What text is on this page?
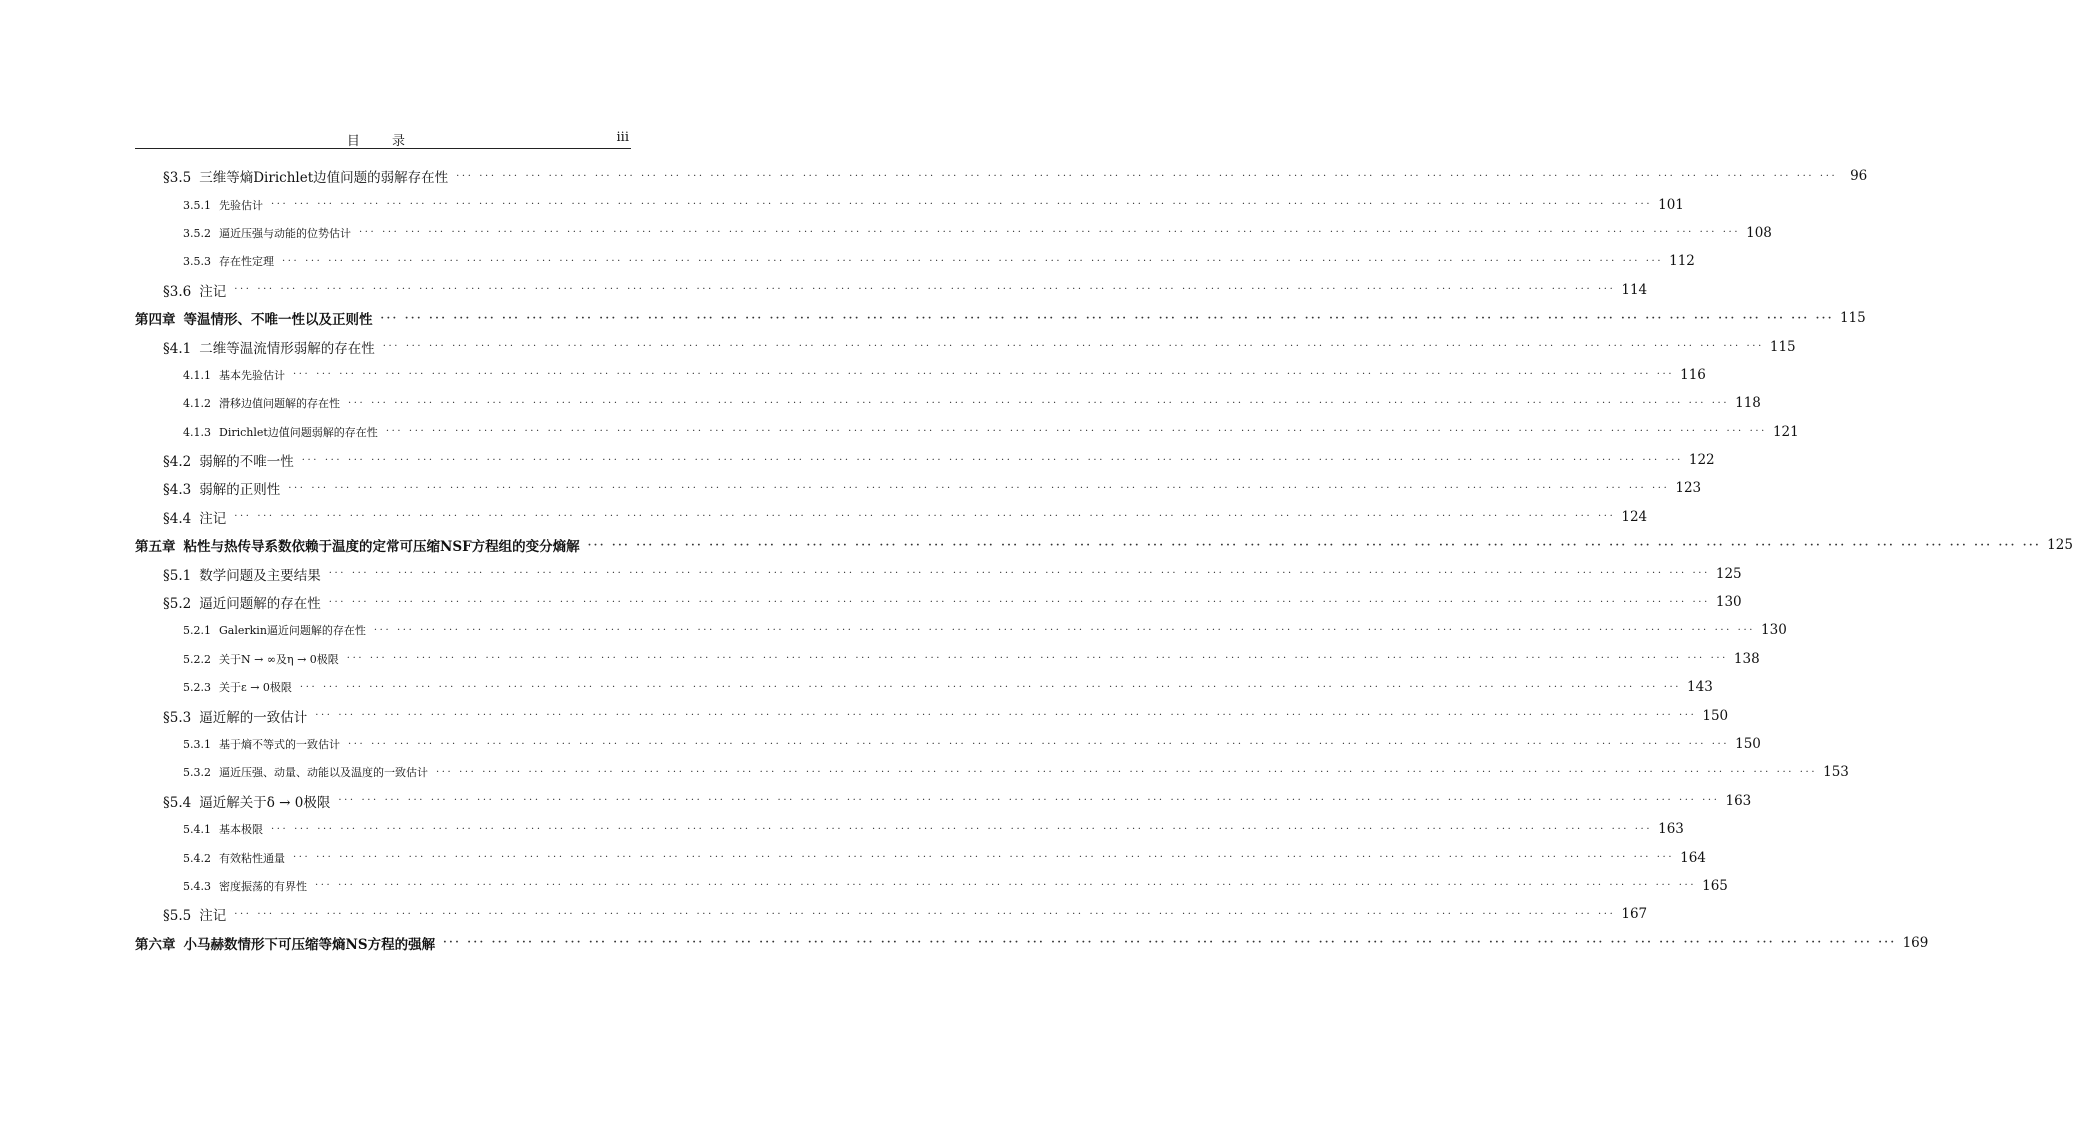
目 录	iii
§3.5 三维等熵Dirichlet边值问题的弱解存在性 ··· ··· ··· ··· ··· ··· ··· ··· ··· ··· ··· ··· ··· ··· ··· ··· ··· ··· ··· ··· ··· ··· ··· ··· ··· ··· ··· ··· ··· ··· ··· ··· ··· ··· ··· ··· ··· ··· ··· ··· ··· ··· ··· ··· ··· ··· ··· ··· ··· ··· ··· ··· ··· ··· ··· ··· ··· ··· ··· ··· 96
3.5.1 先验估计 ··· ··· ··· ··· ··· ··· ··· ··· ··· ··· ··· ··· ··· ··· ··· ··· ··· ··· ··· ··· ··· ··· ··· ··· ··· ··· ··· ··· ··· ··· ··· ··· ··· ··· ··· ··· ··· ··· ··· ··· ··· ··· ··· ··· ··· ··· ··· ··· ··· ··· ··· ··· ··· ··· ··· ··· ··· ··· ··· ··· 101
3.5.2 逼近压强与动能的位势估计 ··· ··· ··· ··· ··· ··· ··· ··· ··· ··· ··· ··· ··· ··· ··· ··· ··· ··· ··· ··· ··· ··· ··· ··· ··· ··· ··· ··· ··· ··· ··· ··· ··· ··· ··· ··· ··· ··· ··· ··· ··· ··· ··· ··· ··· ··· ··· ··· ··· ··· ··· ··· ··· ··· ··· ··· ··· ··· ··· ··· 108
3.5.3 存在性定理 ··· ··· ··· ··· ··· ··· ··· ··· ··· ··· ··· ··· ··· ··· ··· ··· ··· ··· ··· ··· ··· ··· ··· ··· ··· ··· ··· ··· ··· ··· ··· ··· ··· ··· ··· ··· ··· ··· ··· ··· ··· ··· ··· ··· ··· ··· ··· ··· ··· ··· ··· ··· ··· ··· ··· ··· ··· ··· ··· ··· 112
§3.6 注记 ··· ··· ··· ··· ··· ··· ··· ··· ··· ··· ··· ··· ··· ··· ··· ··· ··· ··· ··· ··· ··· ··· ··· ··· ··· ··· ··· ··· ··· ··· ··· ··· ··· ··· ··· ··· ··· ··· ··· ··· ··· ··· ··· ··· ··· ··· ··· ··· ··· ··· ··· ··· ··· ··· ··· ··· ··· ··· ··· ··· 114
第四章 等温情形、不唯一性以及正则性 ··· ··· ··· ··· ··· ··· ··· ··· ··· ··· ··· ··· ··· ··· ··· ··· ··· ··· ··· ··· ··· ··· ··· ··· ··· ··· ··· ··· ··· ··· ··· ··· ··· ··· ··· ··· ··· ··· ··· ··· ··· ··· ··· ··· ··· ··· ··· ··· ··· ··· ··· ··· ··· ··· ··· ··· ··· ··· ··· ··· 115
§4.1 二维等温流情形弱解的存在性 ··· ··· ··· ··· ··· ··· ··· ··· ··· ··· ··· ··· ··· ··· ··· ··· ··· ··· ··· ··· ··· ··· ··· ··· ··· ··· ··· ··· ··· ··· ··· ··· ··· ··· ··· ··· ··· ··· ··· ··· ··· ··· ··· ··· ··· ··· ··· ··· ··· ··· ··· ··· ··· ··· ··· ··· ··· ··· ··· ··· 115
4.1.1 基本先验估计 ··· ··· ··· ··· ··· ··· ··· ··· ··· ··· ··· ··· ··· ··· ··· ··· ··· ··· ··· ··· ··· ··· ··· ··· ··· ··· ··· ··· ··· ··· ··· ··· ··· ··· ··· ··· ··· ··· ··· ··· ··· ··· ··· ··· ··· ··· ··· ··· ··· ··· ··· ··· ··· ··· ··· ··· ··· ··· ··· ··· 116
4.1.2 滑移边值问题解的存在性 ··· ··· ··· ··· ··· ··· ··· ··· ··· ··· ··· ··· ··· ··· ··· ··· ··· ··· ··· ··· ··· ··· ··· ··· ··· ··· ··· ··· ··· ··· ··· ··· ··· ··· ··· ··· ··· ··· ··· ··· ··· ··· ··· ··· ··· ··· ··· ··· ··· ··· ··· ··· ··· ··· ··· ··· ··· ··· ··· ··· 118
4.1.3 Dirichlet边值问题弱解的存在性 ··· ··· ··· ··· ··· ··· ··· ··· ··· ··· ··· ··· ··· ··· ··· ··· ··· ··· ··· ··· ··· ··· ··· ··· ··· ··· ··· ··· ··· ··· ··· ··· ··· ··· ··· ··· ··· ··· ··· ··· ··· ··· ··· ··· ··· ··· ··· ··· ··· ··· ··· ··· ··· ··· ··· ··· ··· ··· ··· ··· 121
§4.2 弱解的不唯一性 ··· ··· ··· ··· ··· ··· ··· ··· ··· ··· ··· ··· ··· ··· ··· ··· ··· ··· ··· ··· ··· ··· ··· ··· ··· ··· ··· ··· ··· ··· ··· ··· ··· ··· ··· ··· ··· ··· ··· ··· ··· ··· ··· ··· ··· ··· ··· ··· ··· ··· ··· ··· ··· ··· ··· ··· ··· ··· ··· ··· 122
§4.3 弱解的正则性 ··· ··· ··· ··· ··· ··· ··· ··· ··· ··· ··· ··· ··· ··· ··· ··· ··· ··· ··· ··· ··· ··· ··· ··· ··· ··· ··· ··· ··· ··· ··· ··· ··· ··· ··· ··· ··· ··· ··· ··· ··· ··· ··· ··· ··· ··· ··· ··· ··· ··· ··· ··· ··· ··· ··· ··· ··· ··· ··· ··· 123
§4.4 注记 ··· ··· ··· ··· ··· ··· ··· ··· ··· ··· ··· ··· ··· ··· ··· ··· ··· ··· ··· ··· ··· ··· ··· ··· ··· ··· ··· ··· ··· ··· ··· ··· ··· ··· ··· ··· ··· ··· ··· ··· ··· ··· ··· ··· ··· ··· ··· ··· ··· ··· ··· ··· ··· ··· ··· ··· ··· ··· ··· ··· 124
第五章 粘性与热传导系数依赖于温度的定常可压缩NSF方程组的变分熵解 ··· ··· ··· ··· ··· ··· ··· ··· ··· ··· ··· ··· ··· ··· ··· ··· ··· ··· ··· ··· ··· ··· ··· ··· ··· ··· ··· ··· ··· ··· ··· ··· ··· ··· ··· ··· ··· ··· ··· ··· ··· ··· ··· ··· ··· ··· ··· ··· ··· ··· ··· ··· ··· ··· ··· ··· ··· ··· ··· ··· 125
§5.1 数学问题及主要结果 ··· ··· ··· ··· ··· ··· ··· ··· ··· ··· ··· ··· ··· ··· ··· ··· ··· ··· ··· ··· ··· ··· ··· ··· ··· ··· ··· ··· ··· ··· ··· ··· ··· ··· ··· ··· ··· ··· ··· ··· ··· ··· ··· ··· ··· ··· ··· ··· ··· ··· ··· ··· ··· ··· ··· ··· ··· ··· ··· ··· 125
§5.2 逼近问题解的存在性 ··· ··· ··· ··· ··· ··· ··· ··· ··· ··· ··· ··· ··· ··· ··· ··· ··· ··· ··· ··· ··· ··· ··· ··· ··· ··· ··· ··· ··· ··· ··· ··· ··· ··· ··· ··· ··· ··· ··· ··· ··· ··· ··· ··· ··· ··· ··· ··· ··· ··· ··· ··· ··· ··· ··· ··· ··· ··· ··· ··· 130
5.2.1 Galerkin逼近问题解的存在性 ··· ··· ··· ··· ··· ··· ··· ··· ··· ··· ··· ··· ··· ··· ··· ··· ··· ··· ··· ··· ··· ··· ··· ··· ··· ··· ··· ··· ··· ··· ··· ··· ··· ··· ··· ··· ··· ··· ··· ··· ··· ··· ··· ··· ··· ··· ··· ··· ··· ··· ··· ··· ··· ··· ··· ··· ··· ··· ··· ··· 130
5.2.2 关于N → ∞及η → 0极限 ··· ··· ··· ··· ··· ··· ··· ··· ··· ··· ··· ··· ··· ··· ··· ··· ··· ··· ··· ··· ··· ··· ··· ··· ··· ··· ··· ··· ··· ··· ··· ··· ··· ··· ··· ··· ··· ··· ··· ··· ··· ··· ··· ··· ··· ··· ··· ··· ··· ··· ··· ··· ··· ··· ··· ··· ··· ··· ··· ··· 138
5.2.3 关于ε → 0极限 ··· ··· ··· ··· ··· ··· ··· ··· ··· ··· ··· ··· ··· ··· ··· ··· ··· ··· ··· ··· ··· ··· ··· ··· ··· ··· ··· ··· ··· ··· ··· ··· ··· ··· ··· ··· ··· ··· ··· ··· ··· ··· ··· ··· ··· ··· ··· ··· ··· ··· ··· ··· ··· ··· ··· ··· ··· ··· ··· ··· 143
§5.3 逼近解的一致估计 ··· ··· ··· ··· ··· ··· ··· ··· ··· ··· ··· ··· ··· ··· ··· ··· ··· ··· ··· ··· ··· ··· ··· ··· ··· ··· ··· ··· ··· ··· ··· ··· ··· ··· ··· ··· ··· ··· ··· ··· ··· ··· ··· ··· ··· ··· ··· ··· ··· ··· ··· ··· ··· ··· ··· ··· ··· ··· ··· ··· 150
5.3.1 基于熵不等式的一致估计 ··· ··· ··· ··· ··· ··· ··· ··· ··· ··· ··· ··· ··· ··· ··· ··· ··· ··· ··· ··· ··· ··· ··· ··· ··· ··· ··· ··· ··· ··· ··· ··· ··· ··· ··· ··· ··· ··· ··· ··· ··· ··· ··· ··· ··· ··· ··· ··· ··· ··· ··· ··· ··· ··· ··· ··· ··· ··· ··· ··· 150
5.3.2 逼近压强、动量、动能以及温度的一致估计 ··· ··· ··· ··· ··· ··· ··· ··· ··· ··· ··· ··· ··· ··· ··· ··· ··· ··· ··· ··· ··· ··· ··· ··· ··· ··· ··· ··· ··· ··· ··· ··· ··· ··· ··· ··· ··· ··· ··· ··· ··· ··· ··· ··· ··· ··· ··· ··· ··· ··· ··· ··· ··· ··· ··· ··· ··· ··· ··· ··· 153
§5.4 逼近解关于δ → 0极限 ··· ··· ··· ··· ··· ··· ··· ··· ··· ··· ··· ··· ··· ··· ··· ··· ··· ··· ··· ··· ··· ··· ··· ··· ··· ··· ··· ··· ··· ··· ··· ··· ··· ··· ··· ··· ··· ··· ··· ··· ··· ··· ··· ··· ··· ··· ··· ··· ··· ··· ··· ··· ··· ··· ··· ··· ··· ··· ··· ··· 163
5.4.1 基本极限 ··· ··· ··· ··· ··· ··· ··· ··· ··· ··· ··· ··· ··· ··· ··· ··· ··· ··· ··· ··· ··· ··· ··· ··· ··· ··· ··· ··· ··· ··· ··· ··· ··· ··· ··· ··· ··· ··· ··· ··· ··· ··· ··· ··· ··· ··· ··· ··· ··· ··· ··· ··· ··· ··· ··· ··· ··· ··· ··· ··· 163
5.4.2 有效粘性通量 ··· ··· ··· ··· ··· ··· ··· ··· ··· ··· ··· ··· ··· ··· ··· ··· ··· ··· ··· ··· ··· ··· ··· ··· ··· ··· ··· ··· ··· ··· ··· ··· ··· ··· ··· ··· ··· ··· ··· ··· ··· ··· ··· ··· ··· ··· ··· ··· ··· ··· ··· ··· ··· ··· ··· ··· ··· ··· ··· ··· 164
5.4.3 密度振荡的有界性 ··· ··· ··· ··· ··· ··· ··· ··· ··· ··· ··· ··· ··· ··· ··· ··· ··· ··· ··· ··· ··· ··· ··· ··· ··· ··· ··· ··· ··· ··· ··· ··· ··· ··· ··· ··· ··· ··· ··· ··· ··· ··· ··· ··· ··· ··· ··· ··· ··· ··· ··· ··· ··· ··· ··· ··· ··· ··· ··· ··· 165
§5.5 注记 ··· ··· ··· ··· ··· ··· ··· ··· ··· ··· ··· ··· ··· ··· ··· ··· ··· ··· ··· ··· ··· ··· ··· ··· ··· ··· ··· ··· ··· ··· ··· ··· ··· ··· ··· ··· ··· ··· ··· ··· ··· ··· ··· ··· ··· ··· ··· ··· ··· ··· ··· ··· ··· ··· ··· ··· ··· ··· ··· ··· 167
第六章 小马赫数情形下可压缩等熵NS方程的强解 ··· ··· ··· ··· ··· ··· ··· ··· ··· ··· ··· ··· ··· ··· ··· ··· ··· ··· ··· ··· ··· ··· ··· ··· ··· ··· ··· ··· ··· ··· ··· ··· ··· ··· ··· ··· ··· ··· ··· ··· ··· ··· ··· ··· ··· ··· ··· ··· ··· ··· ··· ··· ··· ··· ··· ··· ··· ··· ··· ··· 169
